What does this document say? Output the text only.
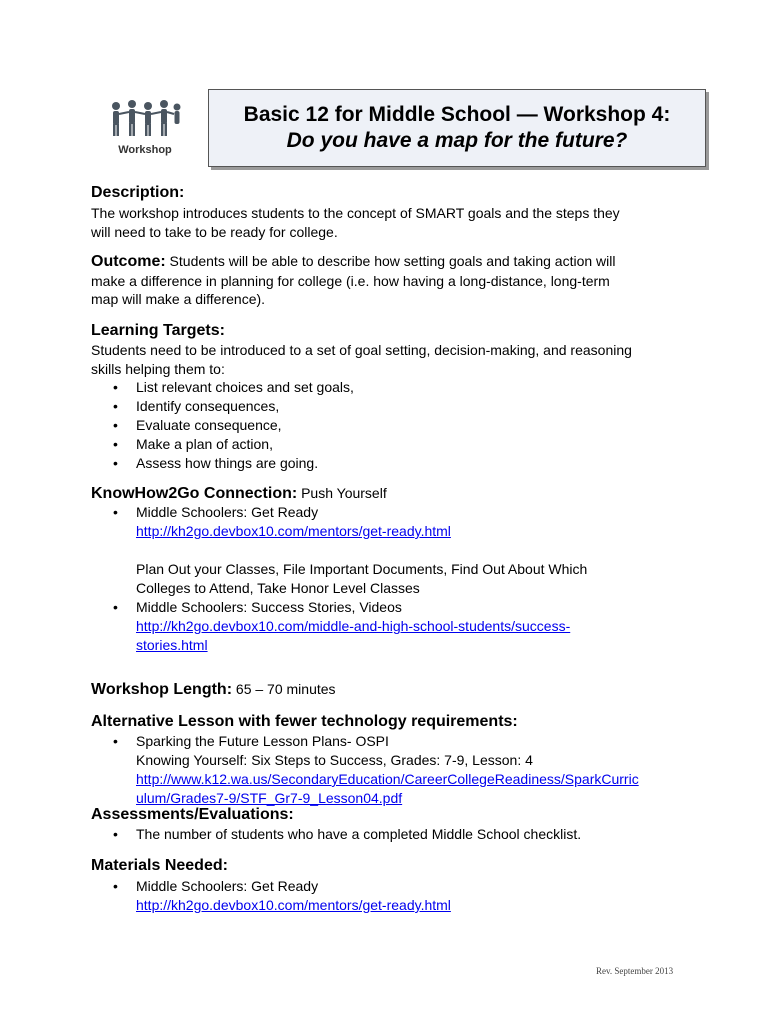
Workshop
Basic 12 for Middle School — Workshop 4:
Do you have a map for the future?
Description:
The workshop introduces students to the concept of SMART goals and the steps they
will need to take to be ready for college.
Outcome: Students will be able to describe how setting goals and taking action will
make a difference in planning for college (i.e. how having a long-distance, long-term
map will make a difference).
Learning Targets:
Students need to be introduced to a set of goal setting, decision-making, and reasoning
skills helping them to:
• List relevant choices and set goals,
• Identify consequences,
• Evaluate consequence,
• Make a plan of action,
• Assess how things are going.
KnowHow2Go Connection: Push Yourself
• Middle Schoolers: Get Ready
http://kh2go.devbox10.com/mentors/get-ready.html
Plan Out your Classes, File Important Documents, Find Out About Which
Colleges to Attend, Take Honor Level Classes
• Middle Schoolers: Success Stories, Videos
http://kh2go.devbox10.com/middle-and-high-school-students/success-
stories.html
Workshop Length: 65 – 70 minutes
Alternative Lesson with fewer technology requirements:
• Sparking the Future Lesson Plans- OSPI
Knowing Yourself: Six Steps to Success, Grades: 7-9, Lesson: 4
http://www.k12.wa.us/SecondaryEducation/CareerCollegeReadiness/SparkCurric
ulum/Grades7-9/STF_Gr7-9_Lesson04.pdf
Assessments/Evaluations:
• The number of students who have a completed Middle School checklist.
Materials Needed:
• Middle Schoolers: Get Ready
http://kh2go.devbox10.com/mentors/get-ready.html
Rev. September 2013
